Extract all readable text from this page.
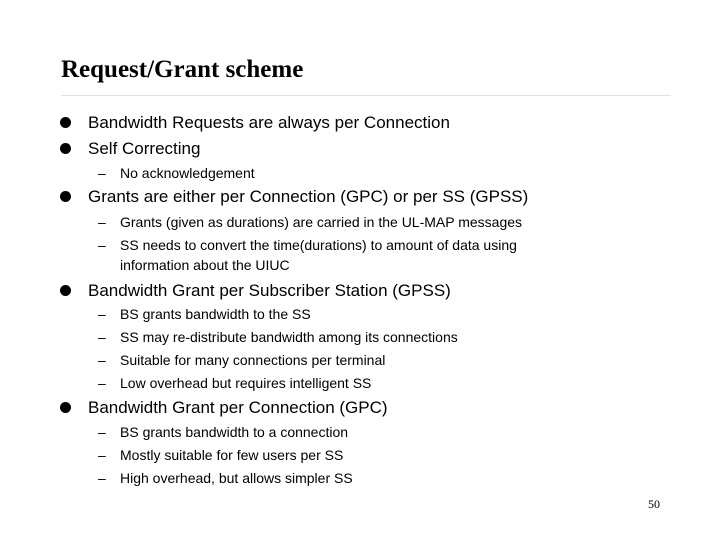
Request/Grant scheme
Bandwidth Requests are always per Connection
Self Correcting
– No acknowledgement
Grants are either per Connection (GPC) or per SS (GPSS)
– Grants (given as durations) are carried in the UL-MAP messages
– SS needs to convert the time(durations) to amount of data using
information about the UIUC
Bandwidth Grant per Subscriber Station (GPSS)
– BS grants bandwidth to the SS
– SS may re-distribute bandwidth among its connections
– Suitable for many connections per terminal
– Low overhead but requires intelligent SS
Bandwidth Grant per Connection (GPC)
– BS grants bandwidth to a connection
– Mostly suitable for few users per SS
– High overhead, but allows simpler SS
50
